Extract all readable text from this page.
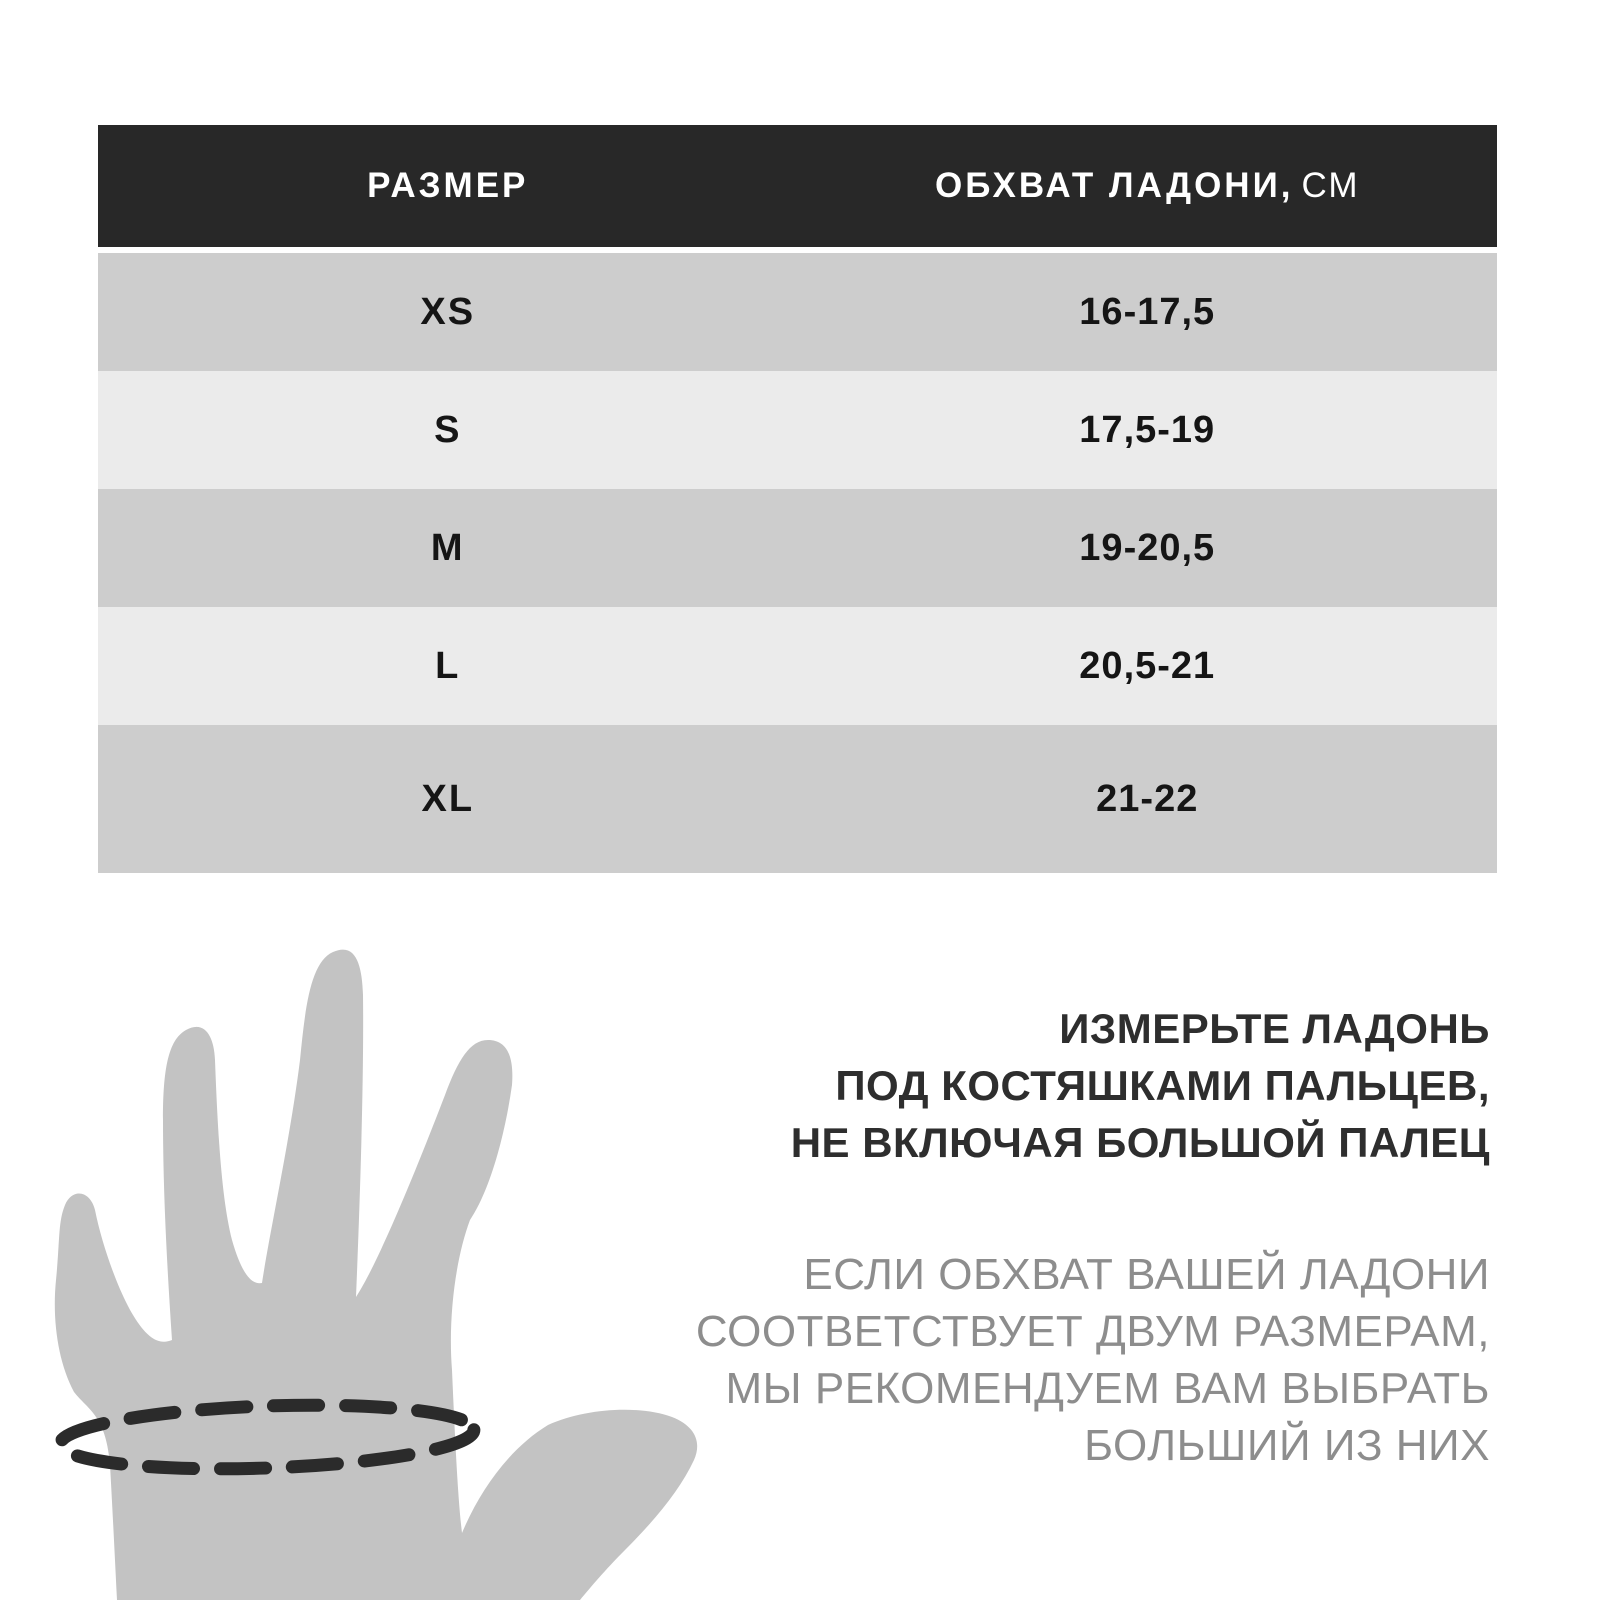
РАЗМЕР	ОБХВАТ ЛАДОНИ, СМ
XS	16-17,5
S	17,5-19
M	19-20,5
L	20,5-21
XL	21-22
ИЗМЕРЬТЕ ЛАДОНЬ
ПОД КОСТЯШКАМИ ПАЛЬЦЕВ,
НЕ ВКЛЮЧАЯ БОЛЬШОЙ ПАЛЕЦ
ЕСЛИ ОБХВАТ ВАШЕЙ ЛАДОНИ
СООТВЕТСТВУЕТ ДВУМ РАЗМЕРАМ,
МЫ РЕКОМЕНДУЕМ ВАМ ВЫБРАТЬ
БОЛЬШИЙ ИЗ НИХ
